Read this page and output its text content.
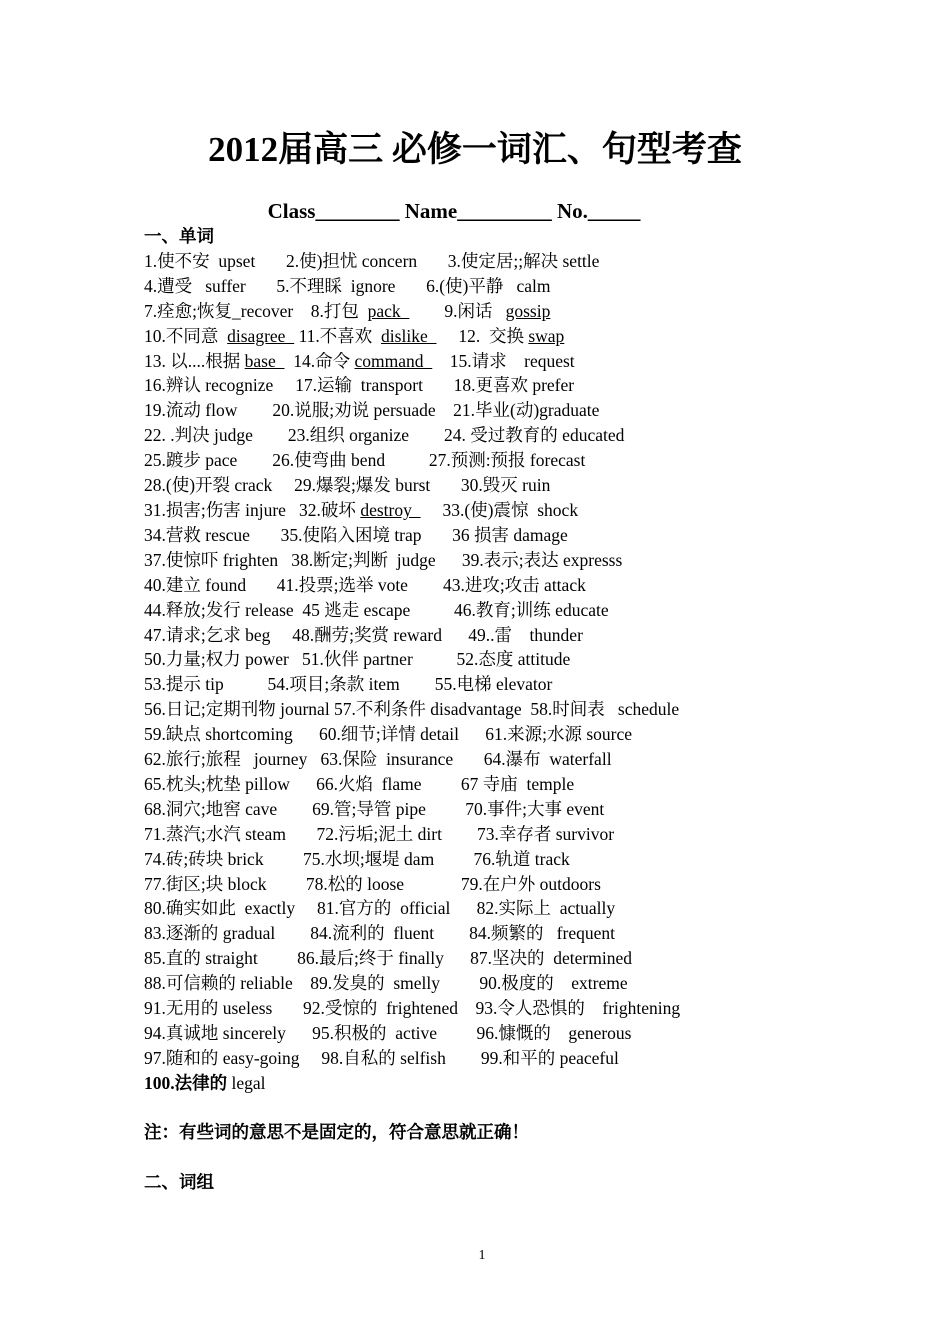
2012届高三 必修一词汇、句型考查
Class________ Name_________ No._____
一、单词
1.使不安  upset       2.使)担忧 concern       3.使定居;;解决 settle
4.遭受   suffer       5.不理睬  ignore       6.(使)平静   calm
7.痊愈;恢复_recover    8.打包  pack          9.闲话   gossip
10.不同意  disagree   11.不喜欢  dislike       12.  交换 swap
13. 以....根据 base    14.命令 command      15.请求    request
16.辨认 recognize     17.运输  transport       18.更喜欢 prefer
19.流动 flow        20.说服;劝说 persuade    21.毕业(动)graduate
22. .判决 judge        23.组织 organize        24. 受过教育的 educated
25.踱步 pace        26.使弯曲 bend          27.预测:预报 forecast
28.(使)开裂 crack     29.爆裂;爆发 burst       30.毁灭 ruin
31.损害;伤害 injure   32.破坏 destroy       33.(使)震惊  shock
34.营救 rescue       35.使陷入困境 trap       36 损害 damage
37.使惊吓 frighten   38.断定;判断  judge      39.表示;表达 expresss
40.建立 found       41.投票;选举 vote        43.进攻;攻击 attack
44.释放;发行 release  45 逃走 escape          46.教育;训练 educate
47.请求;乞求 beg     48.酬劳;奖赏 reward      49..雷    thunder
50.力量;权力 power   51.伙伴 partner          52.态度 attitude
53.提示 tip          54.项目;条款 item        55.电梯 elevator
56.日记;定期刊物 journal 57.不利条件 disadvantage  58.时间表   schedule
59.缺点 shortcoming      60.细节;详情 detail      61.来源;水源 source
62.旅行;旅程   journey   63.保险  insurance       64.瀑布  waterfall
65.枕头;枕垫 pillow      66.火焰  flame         67 寺庙  temple
68.洞穴;地窖 cave        69.管;导管 pipe         70.事件;大事 event
71.蒸汽;水汽 steam       72.污垢;泥土 dirt        73.幸存者 survivor
74.砖;砖块 brick         75.水坝;堰堤 dam         76.轨道 track
77.街区;块 block         78.松的 loose             79.在户外 outdoors
80.确实如此  exactly     81.官方的  official      82.实际上  actually
83.逐渐的 gradual        84.流利的  fluent        84.频繁的   frequent
85.直的 straight         86.最后;终于 finally      87.坚决的  determined
88.可信赖的 reliable    89.发臭的  smelly         90.极度的    extreme
91.无用的 useless       92.受惊的  frightened    93.令人恐惧的    frightening
94.真诚地 sincerely      95.积极的  active         96.慷慨的    generous
97.随和的 easy-going     98.自私的 selfish        99.和平的 peaceful
100.法律的 legal
注：有些词的意思不是固定的，符合意思就正确！
二、词组
1
